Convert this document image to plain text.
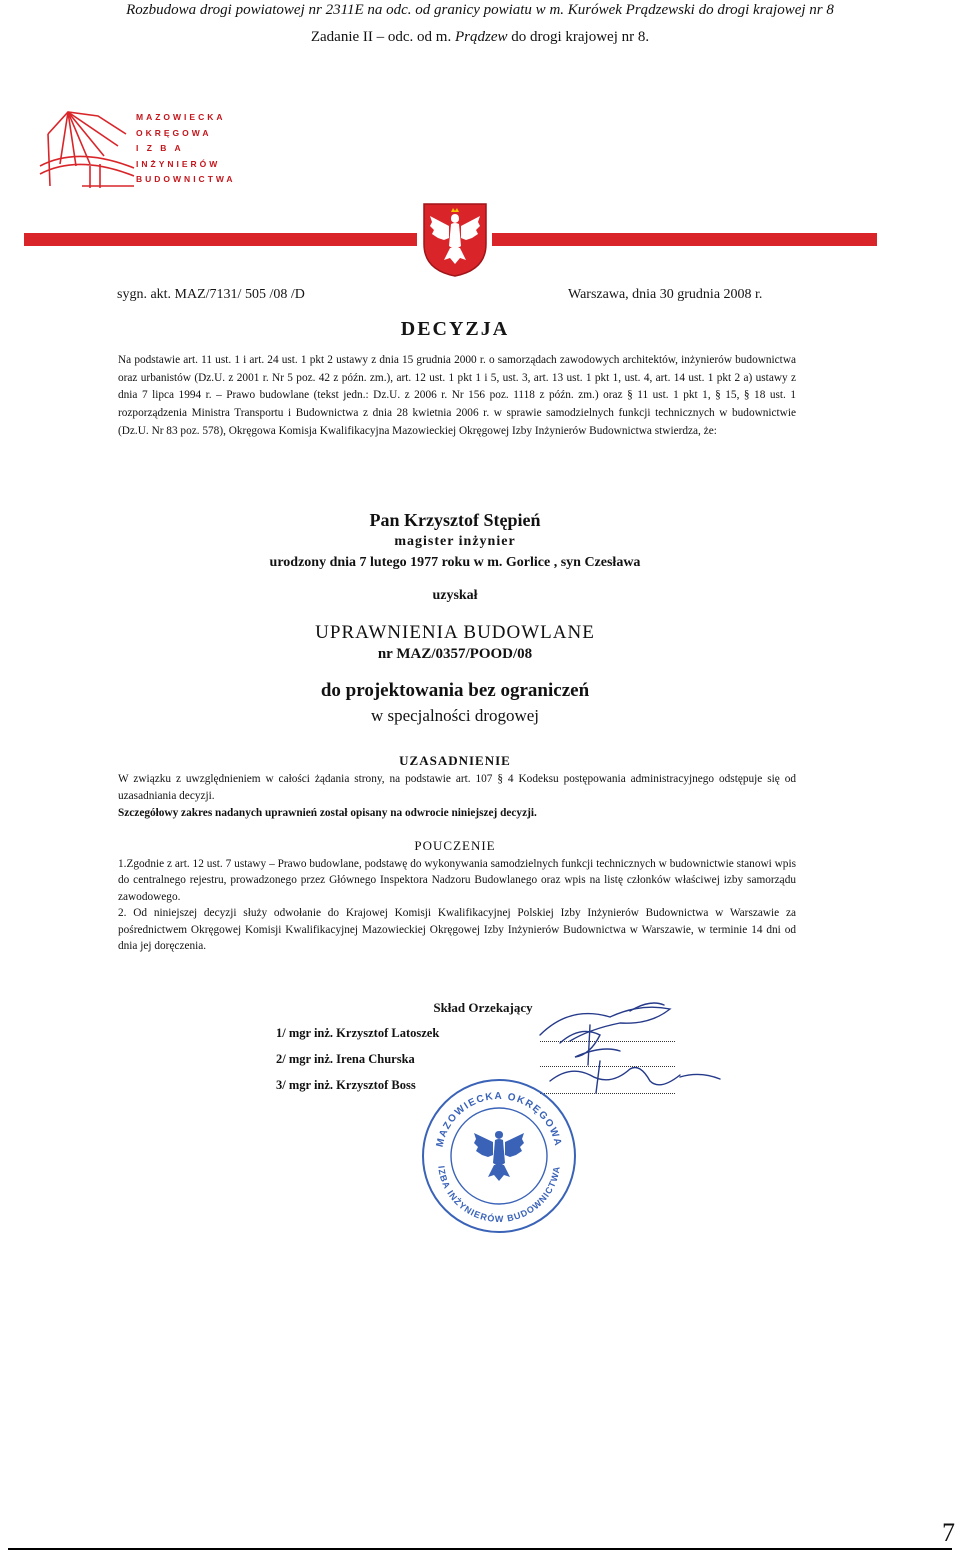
Rozbudowa drogi powiatowej nr 2311E na odc. od granicy powiatu w m. Kurówek Prądzewski do drogi krajowej nr 8
Zadanie II – odc. od m. Prądzew do drogi krajowej nr 8.
MAZOWIECKA
OKRĘGOWA
I Z B A
INŻYNIERÓW
BUDOWNICTWA
sygn. akt. MAZ/7131/ 505 /08 /D	Warszawa, dnia 30 grudnia 2008 r.
DECYZJA

Na podstawie art. 11 ust. 1 i art. 24 ust. 1 pkt 2 ustawy z dnia 15 grudnia 2000 r. o samorządach zawodowych architektów, inżynierów budownictwa oraz urbanistów (Dz.U. z 2001 r. Nr 5 poz. 42 z późn. zm.), art. 12 ust. 1 pkt 1 i 5, ust. 3, art. 13 ust. 1 pkt 1, ust. 4, art. 14 ust. 1 pkt 2 a) ustawy z dnia 7 lipca 1994 r. – Prawo budowlane (tekst jedn.: Dz.U. z 2006 r. Nr 156 poz. 1118 z późn. zm.) oraz § 11 ust. 1 pkt 1, § 15, § 18 ust. 1 rozporządzenia Ministra Transportu i Budownictwa z dnia 28 kwietnia 2006 r. w sprawie samodzielnych funkcji technicznych w budownictwie (Dz.U. Nr 83 poz. 578), Okręgowa Komisja Kwalifikacyjna Mazowieckiej Okręgowej Izby Inżynierów Budownictwa stwierdza, że:

Pan Krzysztof Stępień
magister inżynier
urodzony dnia 7 lutego 1977 roku w m. Gorlice , syn Czesława
uzyskał
UPRAWNIENIA BUDOWLANE
nr MAZ/0357/POOD/08
do projektowania bez ograniczeń
w specjalności drogowej
UZASADNIENIE

W związku z uwzględnieniem w całości żądania strony, na podstawie art. 107 § 4 Kodeksu postępowania administracyjnego odstępuje się od uzasadniania decyzji.

Szczegółowy zakres nadanych uprawnień został opisany na odwrocie niniejszej decyzji.

POUCZENIE

1.Zgodnie z art. 12 ust. 7 ustawy – Prawo budowlane, podstawę do wykonywania samodzielnych funkcji technicznych w budownictwie stanowi wpis do centralnego rejestru, prowadzonego przez Głównego Inspektora Nadzoru Budowlanego oraz wpis na listę członków właściwej izby samorządu zawodowego.

2. Od niniejszej decyzji służy odwołanie do Krajowej Komisji Kwalifikacyjnej Polskiej Izby Inżynierów Budownictwa w Warszawie za pośrednictwem Okręgowej Komisji Kwalifikacyjnej Mazowieckiej Okręgowej Izby Inżynierów Budownictwa w Warszawie, w terminie 14 dni od dnia jej doręczenia.

Skład Orzekający
1/ mgr inż. Krzysztof Latoszek
2/ mgr inż. Irena Churska
3/ mgr inż. Krzysztof Boss
MAZOWIECKA OKRĘGOWA
IZBA INŻYNIERÓW BUDOWNICTWA
7
